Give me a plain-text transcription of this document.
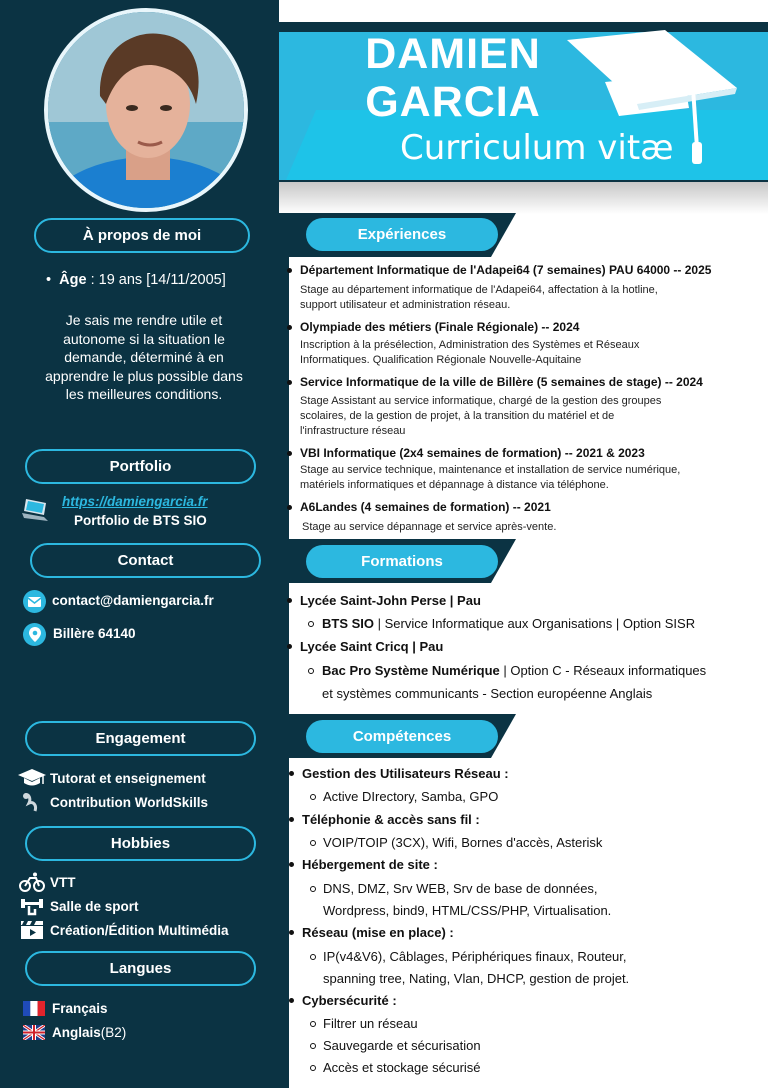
DAMIEN
GARCIA
Curriculum vitæ
À propos de moi
•  Âge : 19 ans [14/11/2005]
Je sais me rendre utile et autonome si la situation le demande, déterminé à en apprendre le plus possible dans les meilleures conditions.
Portfolio
https://damiengarcia.fr
Portfolio de BTS SIO
Contact
contact@damiengarcia.fr
Billère 64140
Engagement
Tutorat et enseignement
Contribution WorldSkills
Hobbies
VTT
Salle de sport
Création/Édition Multimédia
Langues
Français
Anglais (B2)
Expériences
Département Informatique de l'Adapei64 (7 semaines) PAU 64000 -- 2025
Stage au département informatique de l'Adapei64, affectation à la hotline,
support utilisateur et administration réseau.
Olympiade des métiers (Finale Régionale) -- 2024
Inscription à la présélection, Administration des Systèmes et Réseaux
Informatiques. Qualification Régionale Nouvelle-Aquitaine
Service Informatique de la ville de Billère (5 semaines de stage) -- 2024
Stage Assistant au service informatique, chargé de la gestion des groupes
scolaires, de la gestion de projet, à la transition du matériel et de
l'infrastructure réseau
VBI Informatique (2x4 semaines de formation) -- 2021 & 2023
Stage au service technique, maintenance et installation de service numérique,
matériels informatiques et dépannage à distance via téléphone.
A6Landes (4 semaines de formation) -- 2021
Stage au service dépannage et service après-vente.
Formations
Lycée Saint-John Perse | Pau
BTS SIO | Service Informatique aux Organisations | Option SISR
Lycée Saint Cricq | Pau
Bac Pro Système Numérique | Option C - Réseaux informatiques
et systèmes communicants - Section européenne Anglais
Compétences
Gestion des Utilisateurs Réseau :
Active DIrectory, Samba, GPO
Téléphonie & accès sans fil :
VOIP/TOIP (3CX), Wifi, Bornes d'accès, Asterisk
Hébergement de site :
DNS, DMZ, Srv WEB, Srv de base de données,
Wordpress, bind9, HTML/CSS/PHP, Virtualisation.
Réseau (mise en place) :
IP(v4&V6), Câblages, Périphériques finaux, Routeur,
spanning tree, Nating, Vlan, DHCP, gestion de projet.
Cybersécurité :
Filtrer un réseau
Sauvegarde et sécurisation
Accès et stockage sécurisé
